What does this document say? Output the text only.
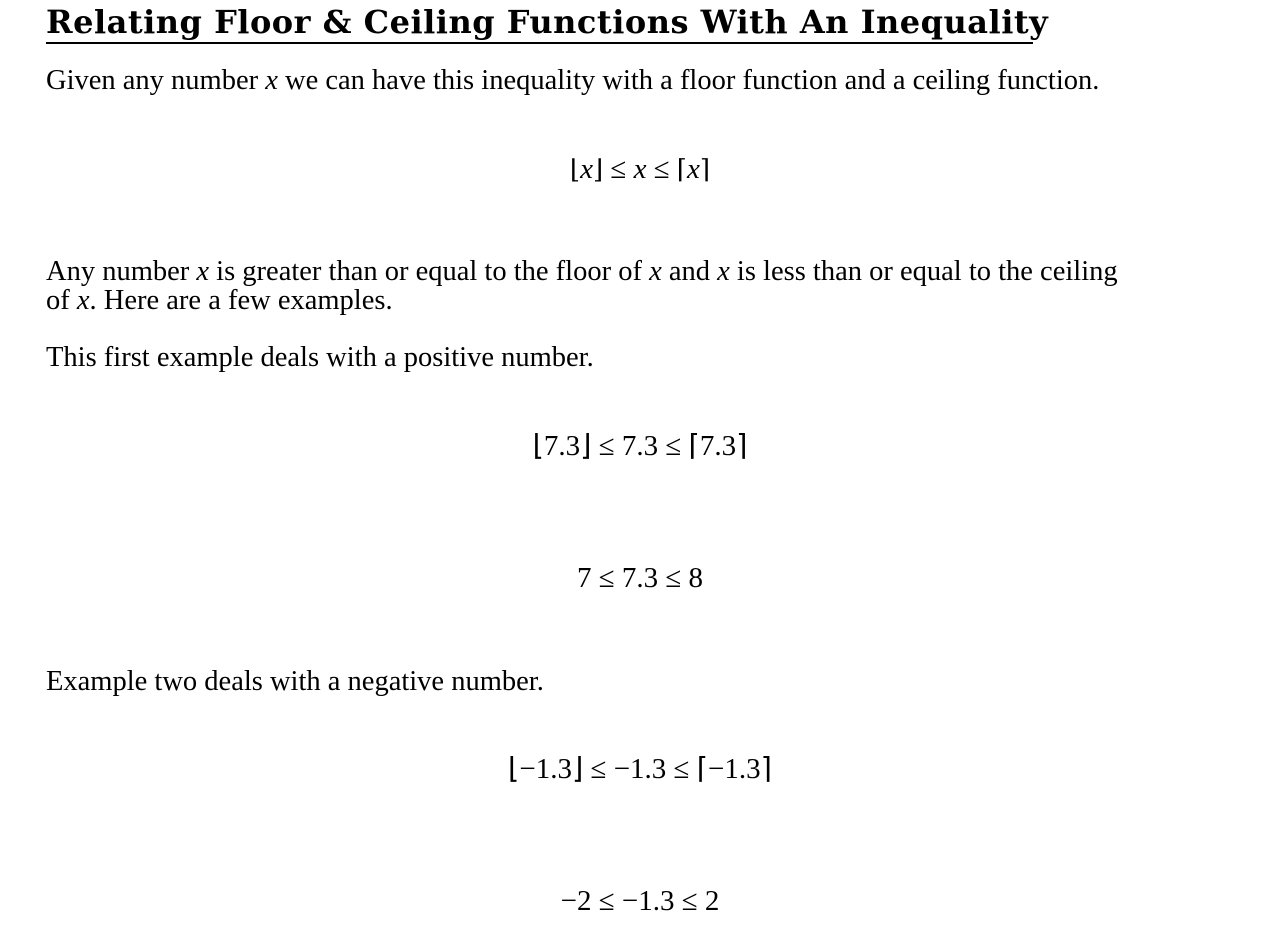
Relating Floor & Ceiling Functions With An Inequality

Given any number x we can have this inequality with a floor function and a ceiling function.

⌊x⌋ ≤ x ≤ ⌈x⌉

Any number x is greater than or equal to the floor of x and x is less than or equal to the ceiling

of x. Here are a few examples.

This first example deals with a positive number.

⌊7.3⌋ ≤ 7.3 ≤ ⌈7.3⌉
7 ≤ 7.3 ≤ 8

Example two deals with a negative number.

⌊−1.3⌋ ≤ −1.3 ≤ ⌈−1.3⌉
−2 ≤ −1.3 ≤ 2
